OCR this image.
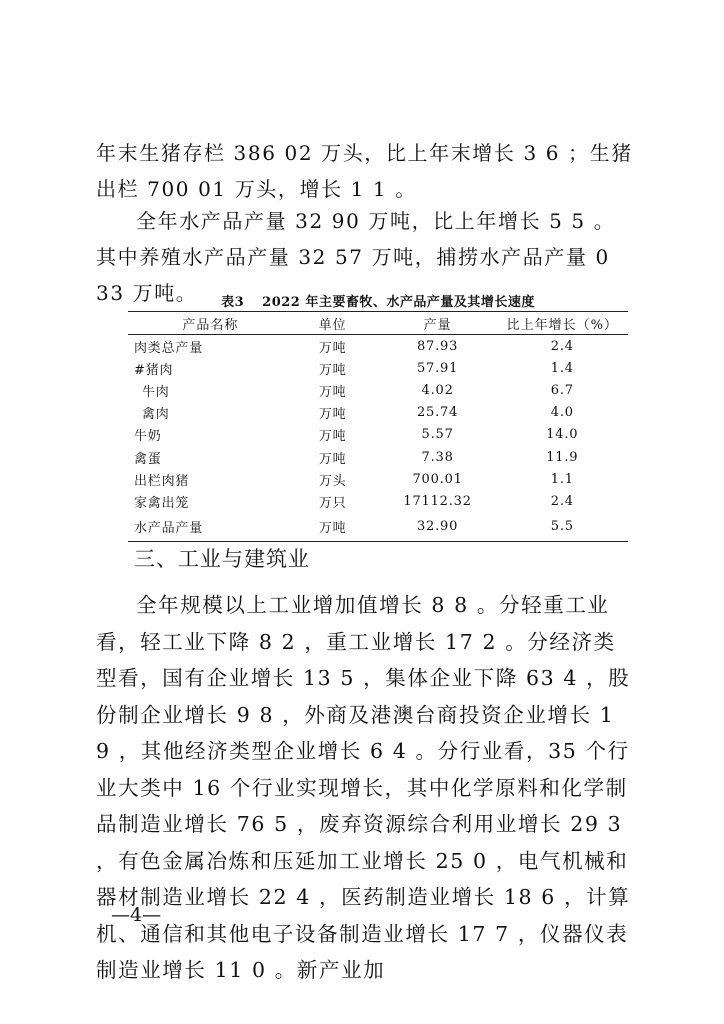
年末生猪存栏 386 02 万头，比上年末增长 3 6 ；生猪出栏 700 01 万头，增长 1 1 。

全年水产品产量 32 90 万吨，比上年增长 5 5 。其中养殖水产品产量 32 57 万吨，捕捞水产品产量 0 33 万吨。	表3 2022 年主要畜牧、水产品产量及其增长速度
产品名称	单位	产量	比上年增长（%）
肉类总产量	万吨	87.93	2.4
#猪肉	万吨	57.91	1.4
牛肉	万吨	4.02	6.7
禽肉	万吨	25.74	4.0
牛奶	万吨	5.57	14.0
禽蛋	万吨	7.38	11.9
出栏肉猪	万头	700.01	1.1
家禽出笼	万只	17112.32	2.4
水产品产量	万吨	32.90	5.5
三、工业与建筑业

全年规模以上工业增加值增长 8 8 。分轻重工业看，轻工业下降 8 2 ，重工业增长 17 2 。分经济类型看，国有企业增长 13 5 ，集体企业下降 63 4 ，股份制企业增长 9 8 ，外商及港澳台商投资企业增长 1 9 ，其他经济类型企业增长 6 4 。分行业看，35 个行业大类中 16 个行业实现增长，其中化学原料和化学制品制造业增长 76 5 ，废弃资源综合利用业增长 29 3 ，有色金属冶炼和压延加工业增长 25 0 ，电气机械和器材制造业增长 22 4 ，医药制造业增长 18 6 ，计算机、通信和其他电子设备制造业增长 17 7 ，仪器仪表制造业增长 11 0 。新产业加

—4—
